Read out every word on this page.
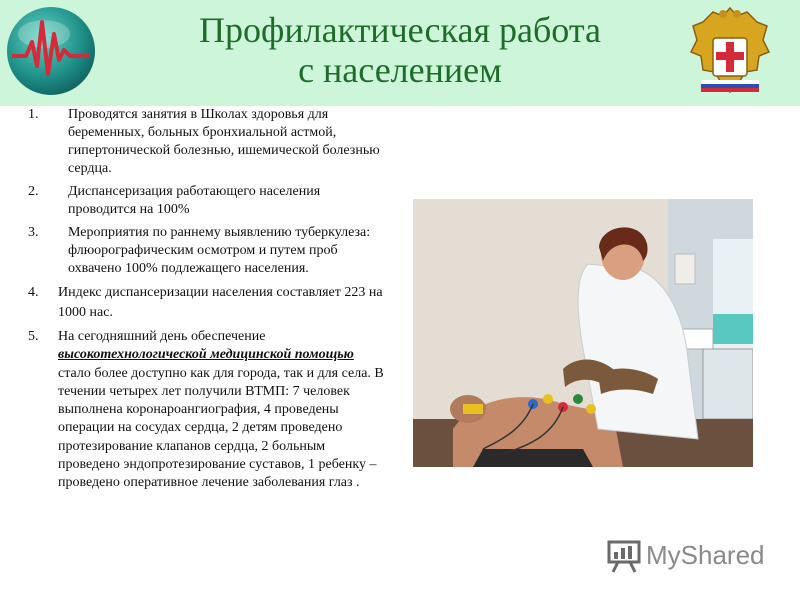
Профилактическая работа
с населением
1.	Проводятся занятия в Школах здоровья для беременных, больных бронхиальной астмой, гипертонической болезнью, ишемической болезнью сердца.
2.	Диспансеризация работающего населения проводится на 100%
3.	Мероприятия по раннему выявлению туберкулеза: флюорографическим осмотром и путем проб охвачено 100% подлежащего населения.
4.	Индекс диспансеризации населения составляет 223 на 1000 нас.
5.	На сегодняшний день обеспечение высокотехнологической медицинской помощью стало более доступно как для города, так и для села. В течении четырех лет получили ВТМП: 7 человек выполнена коронароангиография, 4 проведены операции на сосудах сердца, 2 детям проведено протезирование клапанов сердца, 2 больным проведено эндопротезирование суставов, 1 ребенку – проведено оперативное лечение заболевания глаз .
MyShared
